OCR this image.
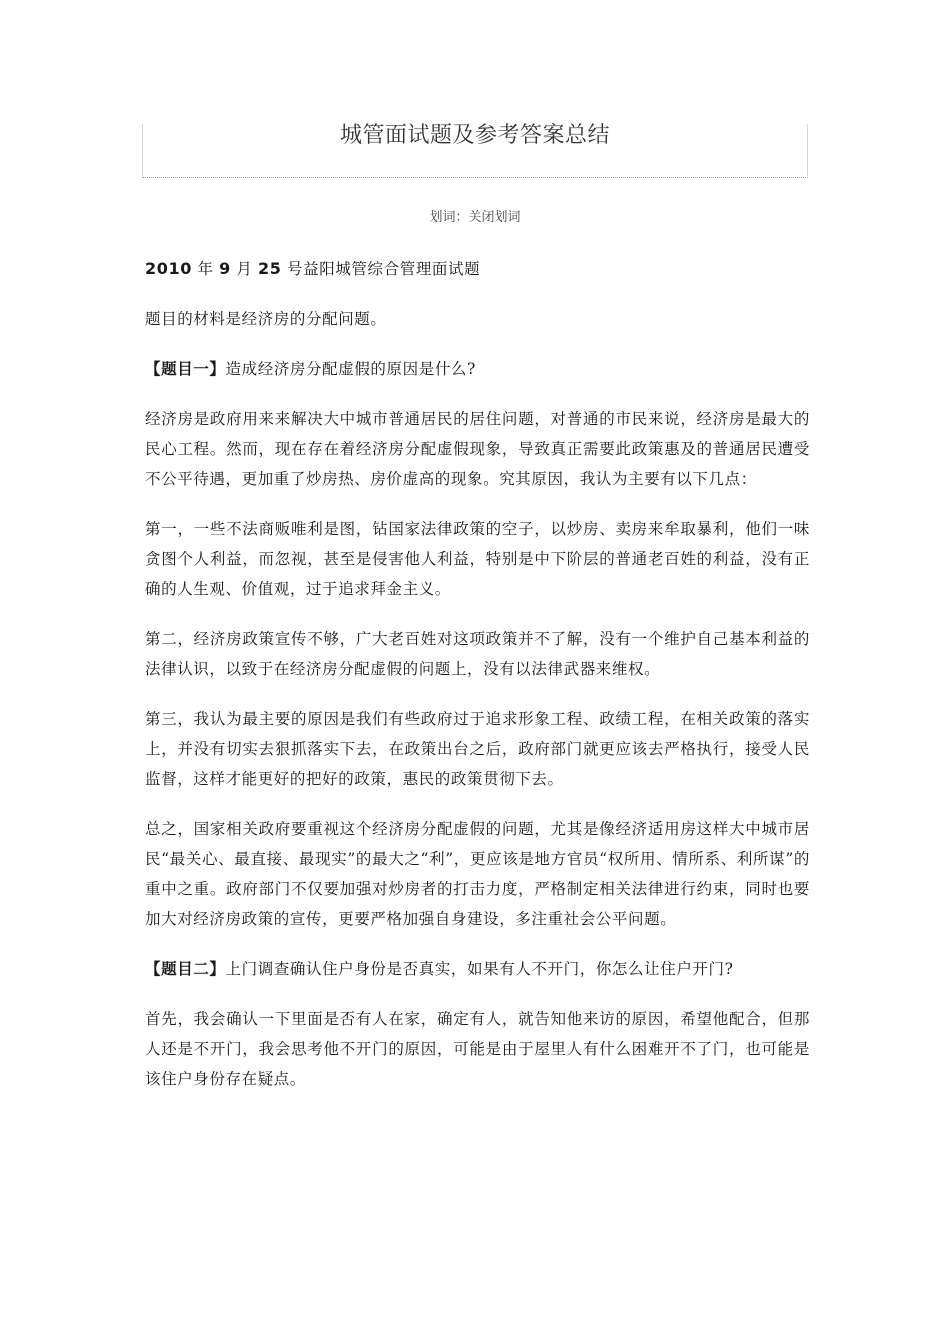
城管面试题及参考答案总结
划词：关闭划词

2010 年 9 月 25 号益阳城管综合管理面试题

题目的材料是经济房的分配问题。

【题目一】造成经济房分配虚假的原因是什么?

经济房是政府用来来解决大中城市普通居民的居住问题，对普通的市民来说，经济房是最大的民心工程。然而，现在存在着经济房分配虚假现象，导致真正需要此政策惠及的普通居民遭受不公平待遇，更加重了炒房热、房价虚高的现象。究其原因，我认为主要有以下几点：

第一，一些不法商贩唯利是图，钻国家法律政策的空子，以炒房、卖房来牟取暴利，他们一味贪图个人利益，而忽视，甚至是侵害他人利益，特别是中下阶层的普通老百姓的利益，没有正确的人生观、价值观，过于追求拜金主义。

第二，经济房政策宣传不够，广大老百姓对这项政策并不了解，没有一个维护自己基本利益的法律认识，以致于在经济房分配虚假的问题上，没有以法律武器来维权。

第三，我认为最主要的原因是我们有些政府过于追求形象工程、政绩工程，在相关政策的落实上，并没有切实去狠抓落实下去，在政策出台之后，政府部门就更应该去严格执行，接受人民监督，这样才能更好的把好的政策，惠民的政策贯彻下去。

总之，国家相关政府要重视这个经济房分配虚假的问题，尤其是像经济适用房这样大中城市居民“最关心、最直接、最现实”的最大之“利”，更应该是地方官员“权所用、情所系、利所谋”的重中之重。政府部门不仅要加强对炒房者的打击力度，严格制定相关法律进行约束，同时也要加大对经济房政策的宣传，更要严格加强自身建设，多注重社会公平问题。

【题目二】上门调查确认住户身份是否真实，如果有人不开门，你怎么让住户开门?

首先，我会确认一下里面是否有人在家，确定有人，就告知他来访的原因，希望他配合，但那人还是不开门，我会思考他不开门的原因，可能是由于屋里人有什么困难开不了门，也可能是该住户身份存在疑点。
